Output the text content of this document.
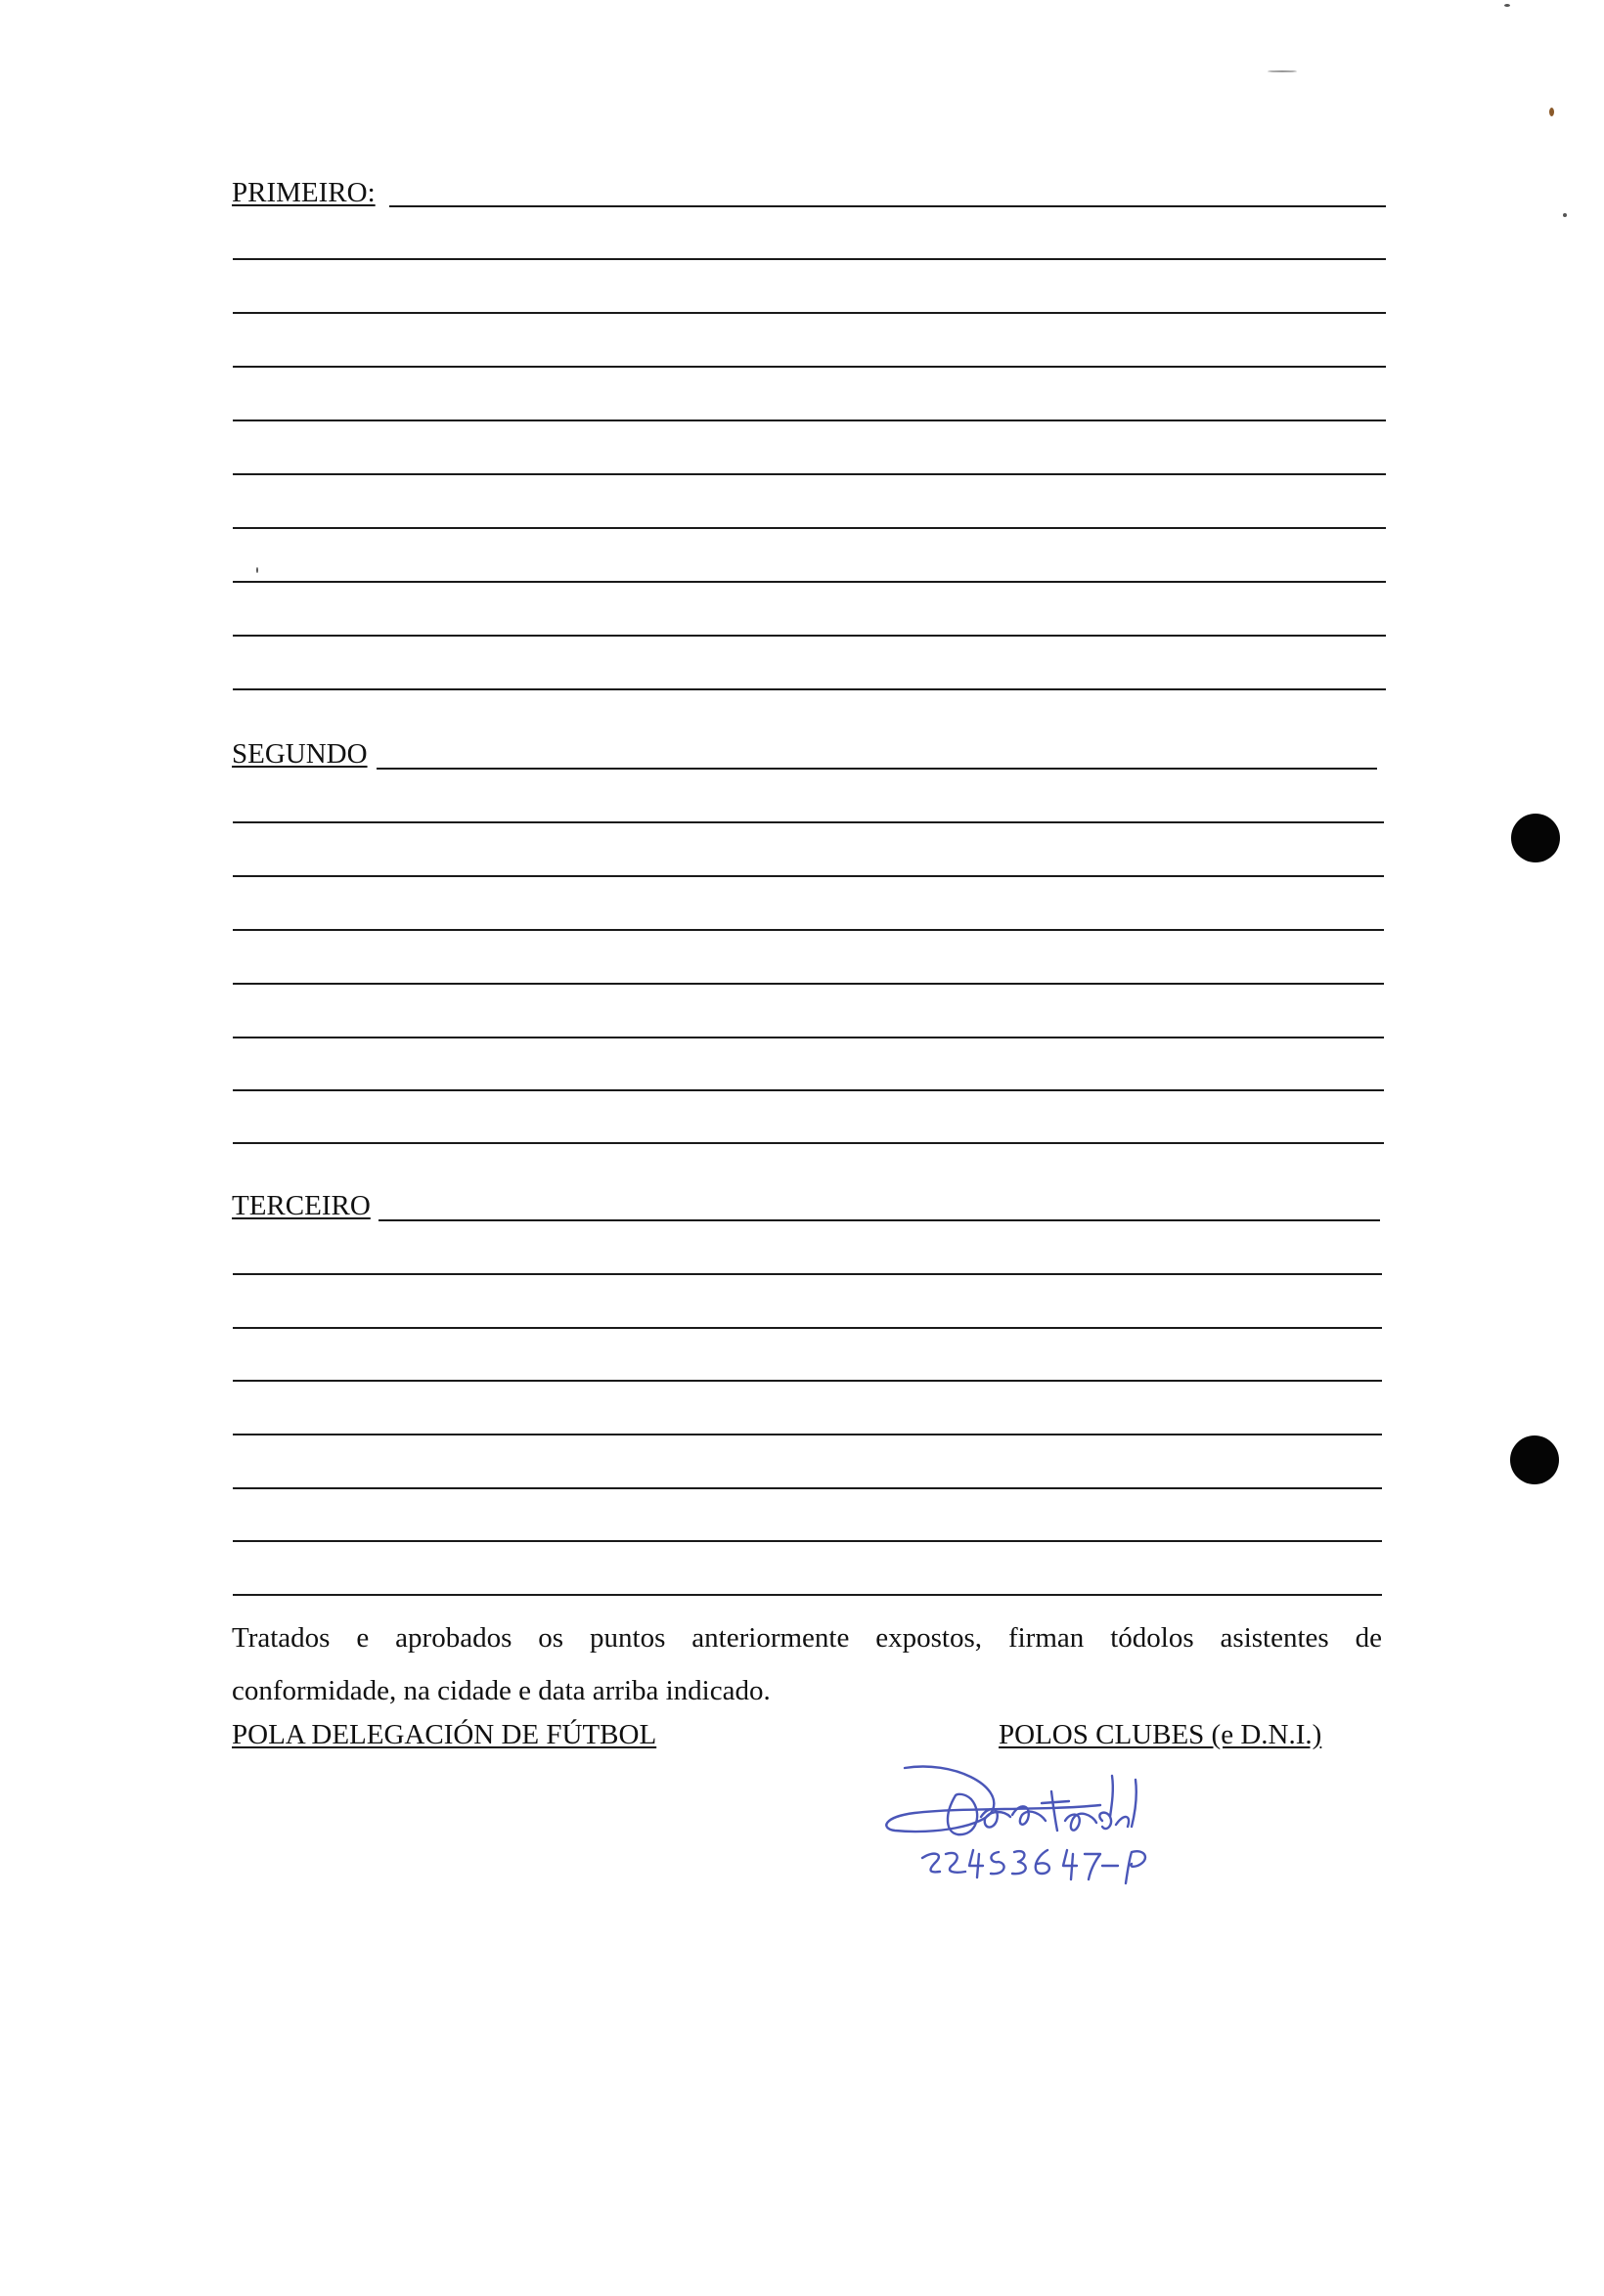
PRIMEIRO:
SEGUNDO
TERCEIRO
Tratados e aprobados os puntos anteriormente expostos, firman tódolos asistentes de
conformidade, na cidade e data arriba indicado.
POLA DELEGACIÓN DE FÚTBOL	POLOS CLUBES (e D.N.I.)
